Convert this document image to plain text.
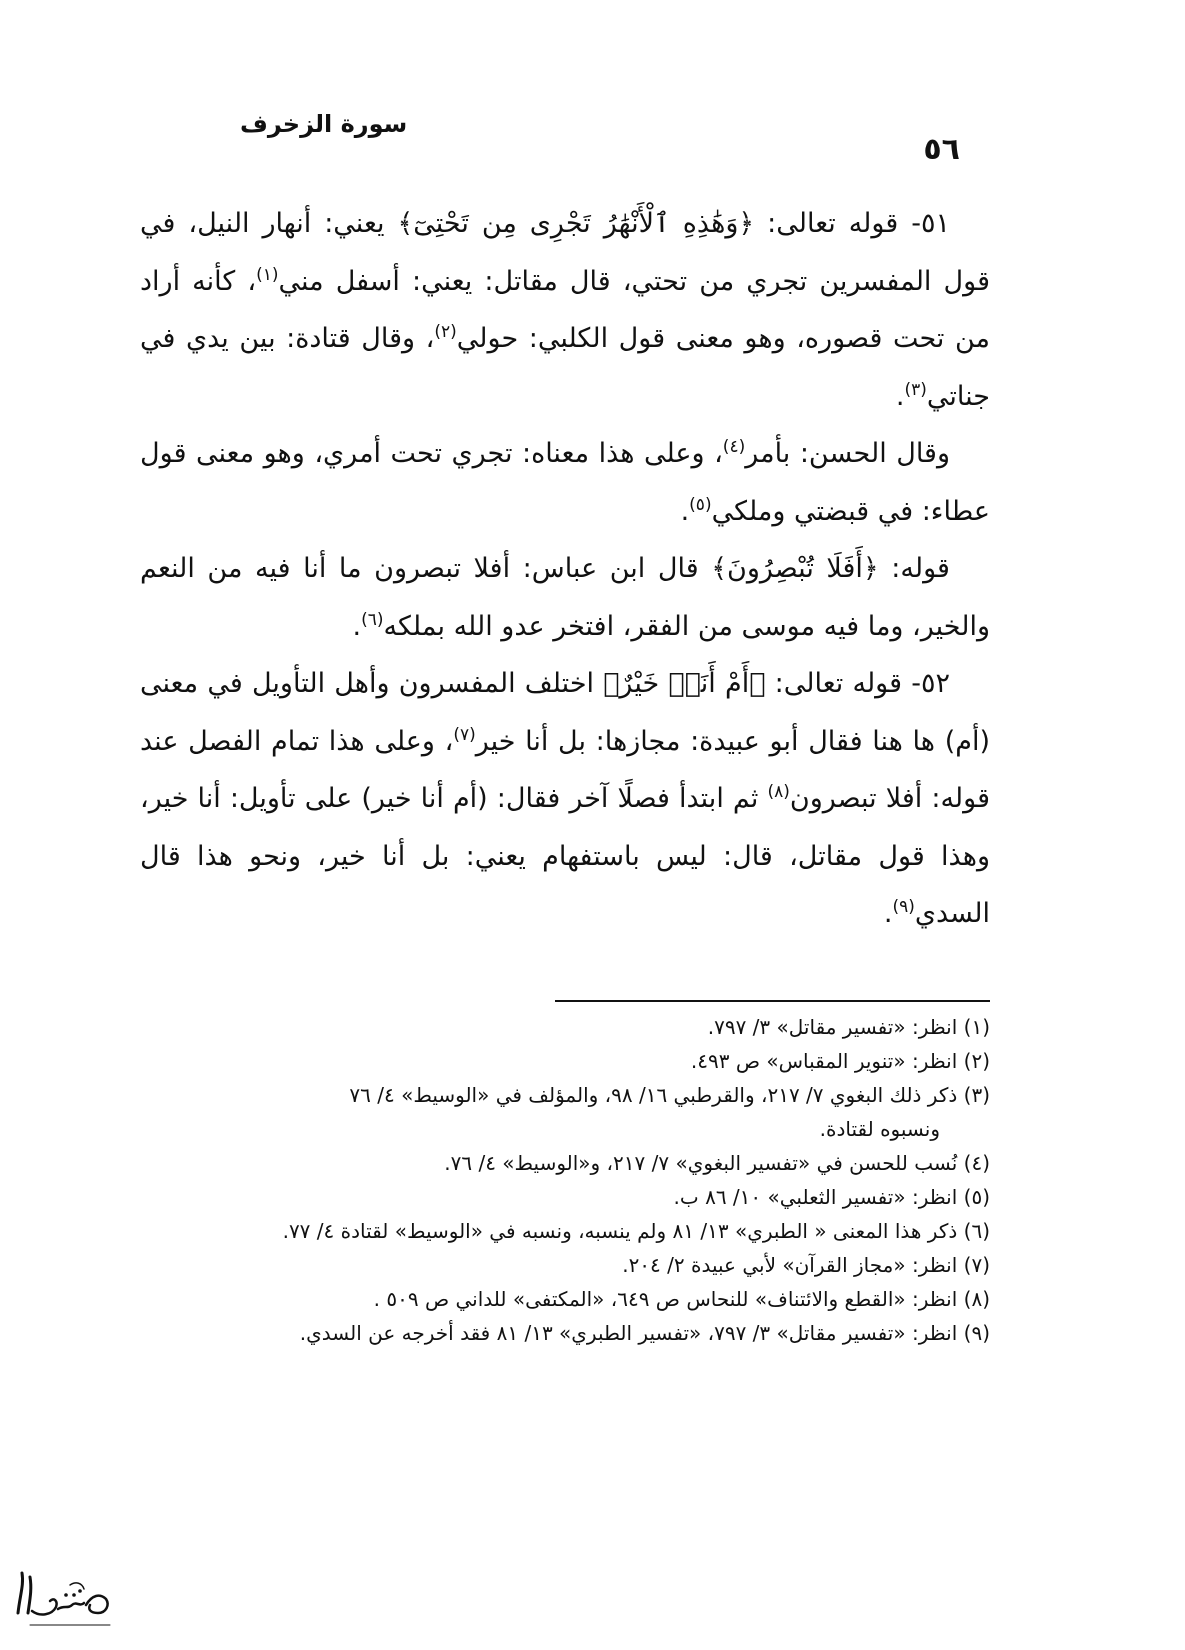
سورة الزخرف
٥٦

٥١- قوله تعالى: ﴿وَهَٰذِهِ ٱلْأَنْهَٰرُ تَجْرِى مِن تَحْتِىٓ﴾ يعني: أنهار النيل، في قول المفسرين تجري من تحتي، قال مقاتل: يعني: أسفل مني$^{(١)}$، كأنه أراد من تحت قصوره، وهو معنى قول الكلبي: حولي$^{(٢)}$، وقال قتادة: بين يدي في جناتي$^{(٣)}$.

وقال الحسن: بأمر$^{(٤)}$، وعلى هذا معناه: تجري تحت أمري، وهو معنى قول عطاء: في قبضتي وملكي$^{(٥)}$.

قوله: ﴿أَفَلَا تُبْصِرُونَ﴾ قال ابن عباس: أفلا تبصرون ما أنا فيه من النعم والخير، وما فيه موسى من الفقر، افتخر عدو الله بملكه$^{(٦)}$.

٥٢- قوله تعالى: ﴿أَمْ أَنَا۠ خَيْرٌ﴾ اختلف المفسرون وأهل التأويل في معنى (أم) ها هنا فقال أبو عبيدة: مجازها: بل أنا خير$^{(٧)}$، وعلى هذا تمام الفصل عند قوله: أفلا تبصرون$^{(٨)}$ ثم ابتدأ فصلًا آخر فقال: (أم أنا خير) على تأويل: أنا خير، وهذا قول مقاتل، قال: ليس باستفهام يعني: بل أنا خير، ونحو هذا قال السدي$^{(٩)}$.

(١) انظر: «تفسير مقاتل» ٣/ ٧٩٧.

(٢) انظر: «تنوير المقباس» ص ٤٩٣.

(٣) ذكر ذلك البغوي ٧/ ٢١٧، والقرطبي ١٦/ ٩٨، والمؤلف في «الوسيط» ٤/ ٧٦

ونسبوه لقتادة.

(٤) نُسب للحسن في «تفسير البغوي» ٧/ ٢١٧، و«الوسيط» ٤/ ٧٦.

(٥) انظر: «تفسير الثعلبي» ١٠/ ٨٦ ب.

(٦) ذكر هذا المعنى « الطبري» ١٣/ ٨١ ولم ينسبه، ونسبه في «الوسيط» لقتادة ٤/ ٧٧.

(٧) انظر: «مجاز القرآن» لأبي عبيدة ٢/ ٢٠٤.

(٨) انظر: «القطع والائتناف» للنحاس ص ٦٤٩، «المكتفى» للداني ص ٥٠٩ .

(٩) انظر: «تفسير مقاتل» ٣/ ٧٩٧، «تفسير الطبري» ١٣/ ٨١ فقد أخرجه عن السدي.
